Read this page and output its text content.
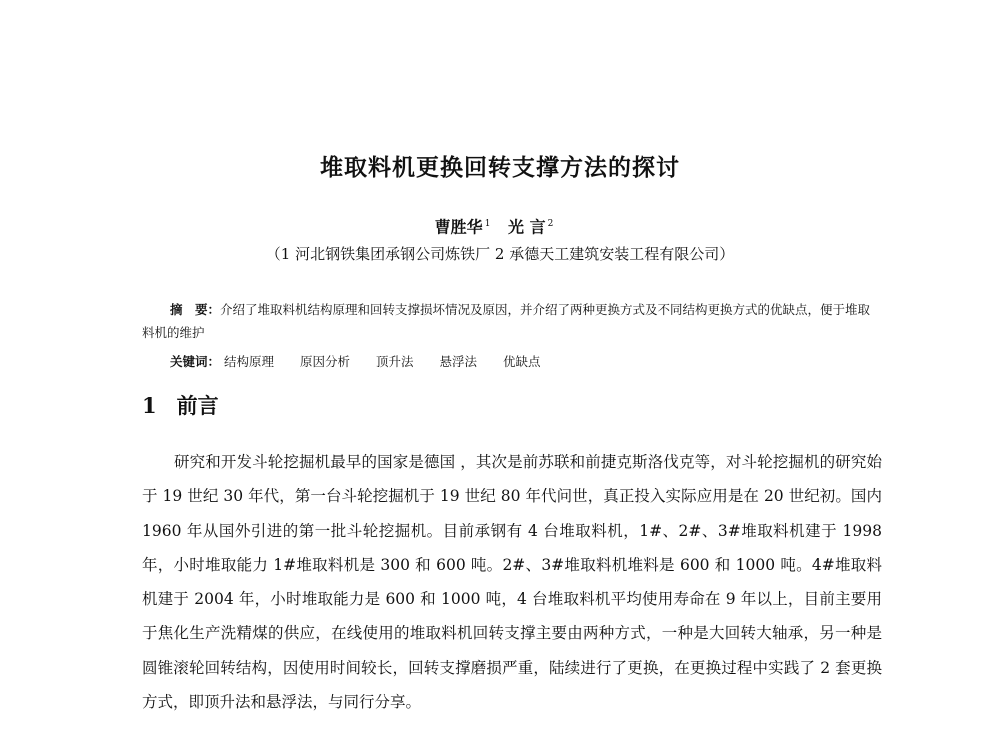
堆取料机更换回转支撑方法的探讨
曹胜华 $^1$ 光 言 $^2$
（1 河北钢铁集团承钢公司炼铁厂 2 承德天工建筑安装工程有限公司）
摘　要：介绍了堆取料机结构原理和回转支撑损坏情况及原因，并介绍了两种更换方式及不同结构更换方式的优缺点，便于堆取料机的维护
关键词： 结构原理 原因分析 顶升法 悬浮法 优缺点
1 前言
研究和开发斗轮挖掘机最早的国家是德国 ，其次是前苏联和前捷克斯洛伐克等，对斗轮挖掘机的研究始于 19 世纪 30 年代，第一台斗轮挖掘机于 19 世纪 80 年代问世，真正投入实际应用是在 20 世纪初。国内 1960 年从国外引进的第一批斗轮挖掘机。目前承钢有 4 台堆取料机，1#、2#、3#堆取料机建于 1998 年，小时堆取能力 1#堆取料机是 300 和 600 吨。2#、3#堆取料机堆料是 600 和 1000 吨。4#堆取料机建于 2004 年，小时堆取能力是 600 和 1000 吨，4 台堆取料机平均使用寿命在 9 年以上，目前主要用于焦化生产洗精煤的供应，在线使用的堆取料机回转支撑主要由两种方式，一种是大回转大轴承，另一种是圆锥滚轮回转结构，因使用时间较长，回转支撑磨损严重，陆续进行了更换，在更换过程中实践了 2 套更换方式，即顶升法和悬浮法，与同行分享。
